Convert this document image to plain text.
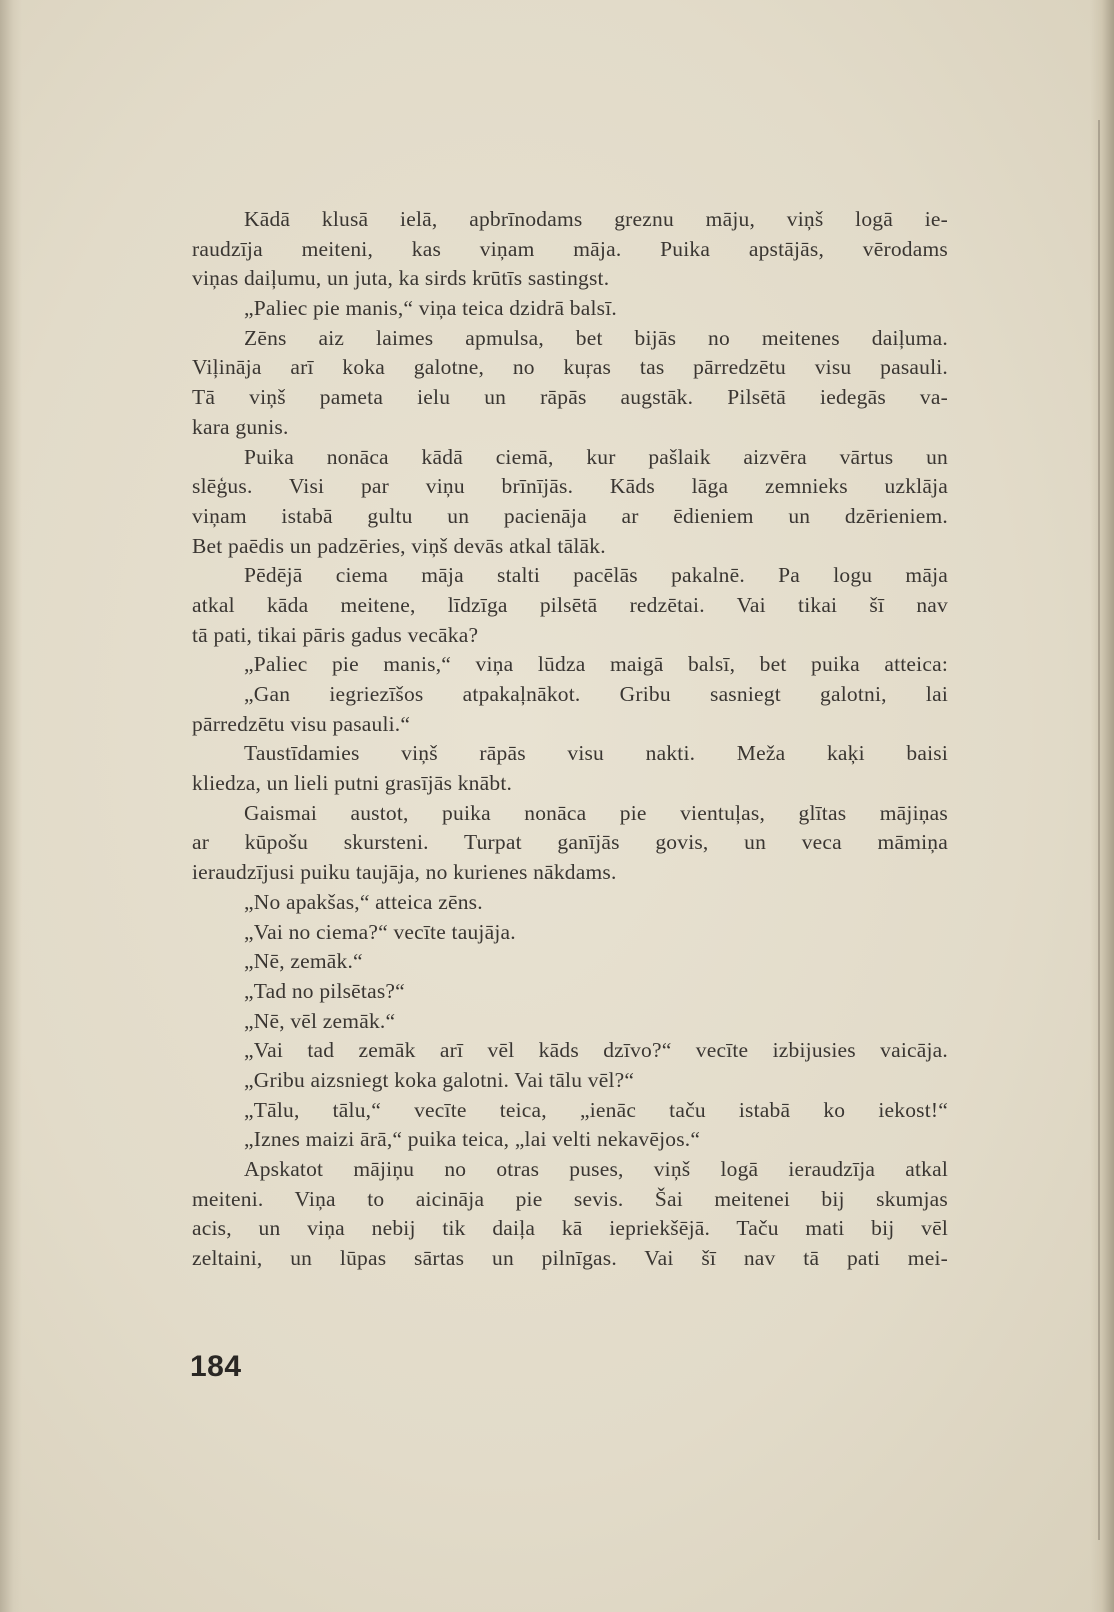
Kādā klusā ielā, apbrīnodams greznu māju, viņš logā ie-
raudzīja meiteni, kas viņam māja. Puika apstājās, vērodams
viņas daiļumu, un juta, ka sirds krūtīs sastingst.
„Paliec pie manis,“ viņa teica dzidrā balsī.
Zēns aiz laimes apmulsa, bet bijās no meitenes daiļuma.
Viļināja arī koka galotne, no kuŗas tas pārredzētu visu pasauli.
Tā viņš pameta ielu un rāpās augstāk. Pilsētā iedegās va-
kara gunis.
Puika nonāca kādā ciemā, kur pašlaik aizvēra vārtus un
slēģus. Visi par viņu brīnījās. Kāds lāga zemnieks uzklāja
viņam istabā gultu un pacienāja ar ēdieniem un dzērieniem.
Bet paēdis un padzēries, viņš devās atkal tālāk.
Pēdējā ciema māja stalti pacēlās pakalnē. Pa logu māja
atkal kāda meitene, līdzīga pilsētā redzētai. Vai tikai šī nav
tā pati, tikai pāris gadus vecāka?
„Paliec pie manis,“ viņa lūdza maigā balsī, bet puika atteica:
„Gan iegriezīšos atpakaļnākot. Gribu sasniegt galotni, lai
pārredzētu visu pasauli.“
Taustīdamies viņš rāpās visu nakti. Meža kaķi baisi
kliedza, un lieli putni grasījās knābt.
Gaismai austot, puika nonāca pie vientuļas, glītas mājiņas
ar kūpošu skursteni. Turpat ganījās govis, un veca māmiņa
ieraudzījusi puiku taujāja, no kurienes nākdams.
„No apakšas,“ atteica zēns.
„Vai no ciema?“ vecīte taujāja.
„Nē, zemāk.“
„Tad no pilsētas?“
„Nē, vēl zemāk.“
„Vai tad zemāk arī vēl kāds dzīvo?“ vecīte izbijusies vaicāja.
„Gribu aizsniegt koka galotni. Vai tālu vēl?“
„Tālu, tālu,“ vecīte teica, „ienāc taču istabā ko iekost!“
„Iznes maizi ārā,“ puika teica, „lai velti nekavējos.“
Apskatot mājiņu no otras puses, viņš logā ieraudzīja atkal
meiteni. Viņa to aicināja pie sevis. Šai meitenei bij skumjas
acis, un viņa nebij tik daiļa kā iepriekšējā. Taču mati bij vēl
zeltaini, un lūpas sārtas un pilnīgas. Vai šī nav tā pati mei-
184
